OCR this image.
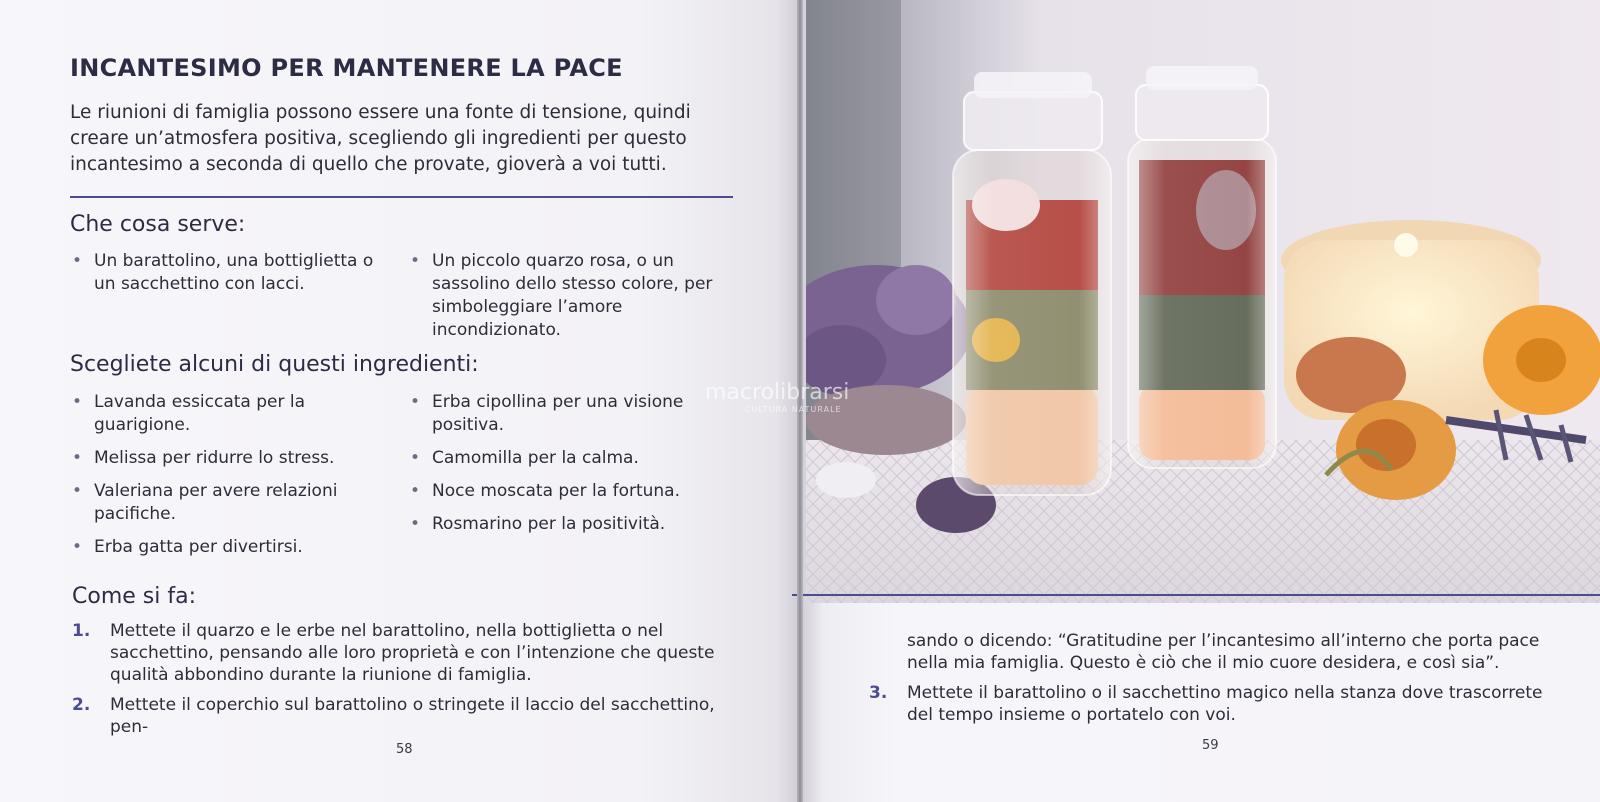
INCANTESIMO PER MANTENERE LA PACE
Le riunioni di famiglia possono essere una fonte di tensione, quindi creare un’atmosfera positiva, scegliendo gli ingredienti per questo incantesimo a seconda di quello che provate, gioverà a voi tutti.
Che cosa serve:
• Un barattolino, una bottiglietta o un sacchettino con lacci.
• Un piccolo quarzo rosa, o un sassolino dello stesso colore, per simboleggiare l’amore incondizionato.
Scegliete alcuni di questi ingredienti:
• Lavanda essiccata per la guarigione.
• Melissa per ridurre lo stress.
• Valeriana per avere relazioni pacifiche.
• Erba gatta per divertirsi.
• Erba cipollina per una visione positiva.
• Camomilla per la calma.
• Noce moscata per la fortuna.
• Rosmarino per la positività.
Come si fa:
1. Mettete il quarzo e le erbe nel barattolino, nella bottiglietta o nel sacchettino, pensando alle loro proprietà e con l’intenzione che queste qualità abbondino durante la riunione di famiglia.
2. Mettete il coperchio sul barattolino o stringete il laccio del sacchettino, pen-
58
sando o dicendo: “Gratitudine per l’incantesimo all’interno che porta pace nella mia famiglia. Questo è ciò che il mio cuore desidera, e così sia”.
3. Mettete il barattolino o il sacchettino magico nella stanza dove trascorrete del tempo insieme o portatelo con voi.
59
macrolibrarsi
CULTURA NATURALE
